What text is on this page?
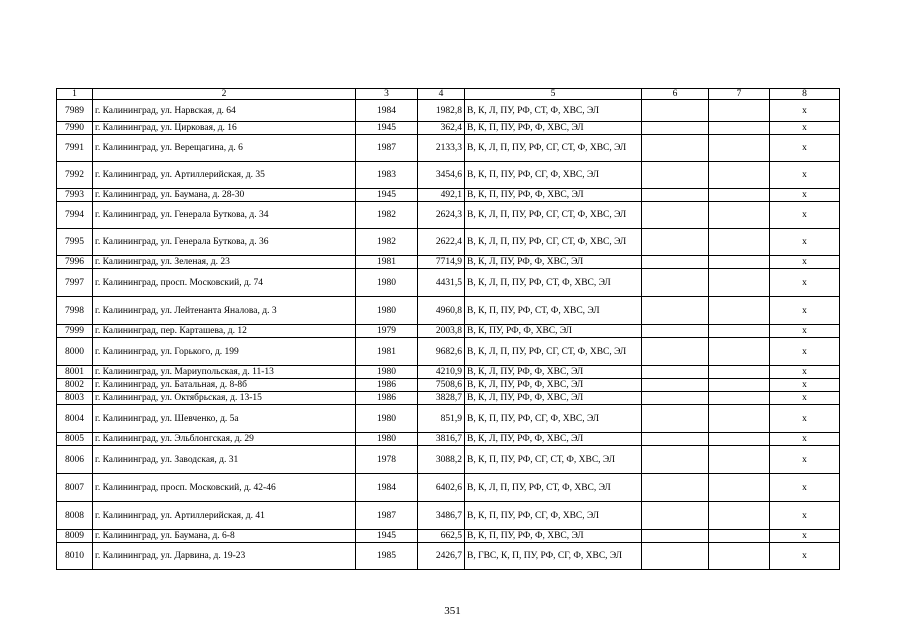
1	2	3	4	5	6	7	8
7989	г. Калининград, ул. Нарвская, д. 64	1984	1982,8	В, К, Л, ПУ, РФ, СТ, Ф, ХВС, ЭЛ			x
7990	г. Калининград, ул. Цирковая, д. 16	1945	362,4	В, К, П, ПУ, РФ, Ф, ХВС, ЭЛ			x
7991	г. Калининград, ул. Верещагина, д. 6	1987	2133,3	В, К, Л, П, ПУ, РФ, СГ, СТ, Ф, ХВС, ЭЛ			x
7992	г. Калининград, ул. Артиллерийская, д. 35	1983	3454,6	В, К, П, ПУ, РФ, СГ, Ф, ХВС, ЭЛ			x
7993	г. Калининград, ул. Баумана, д. 28-30	1945	492,1	В, К, П, ПУ, РФ, Ф, ХВС, ЭЛ			x
7994	г. Калининград, ул. Генерала Буткова, д. 34	1982	2624,3	В, К, Л, П, ПУ, РФ, СГ, СТ, Ф, ХВС, ЭЛ			x
7995	г. Калининград, ул. Генерала Буткова, д. 36	1982	2622,4	В, К, Л, П, ПУ, РФ, СГ, СТ, Ф, ХВС, ЭЛ			x
7996	г. Калининград, ул. Зеленая, д. 23	1981	7714,9	В, К, Л, ПУ, РФ, Ф, ХВС, ЭЛ			x
7997	г. Калининград, просп. Московский, д. 74	1980	4431,5	В, К, Л, П, ПУ, РФ, СТ, Ф, ХВС, ЭЛ			x
7998	г. Калининград, ул. Лейтенанта Яналова, д. 3	1980	4960,8	В, К, П, ПУ, РФ, СТ, Ф, ХВС, ЭЛ			x
7999	г. Калининград, пер. Карташева, д. 12	1979	2003,8	В, К, ПУ, РФ, Ф, ХВС, ЭЛ			x
8000	г. Калининград, ул. Горького, д. 199	1981	9682,6	В, К, Л, П, ПУ, РФ, СГ, СТ, Ф, ХВС, ЭЛ			x
8001	г. Калининград, ул. Мариупольская, д. 11-13	1980	4210,9	В, К, Л, ПУ, РФ, Ф, ХВС, ЭЛ			x
8002	г. Калининград, ул. Батальная, д. 8-8б	1986	7508,6	В, К, Л, ПУ, РФ, Ф, ХВС, ЭЛ			x
8003	г. Калининград, ул. Октябрьская, д. 13-15	1986	3828,7	В, К, Л, ПУ, РФ, Ф, ХВС, ЭЛ			x
8004	г. Калининград, ул. Шевченко, д. 5а	1980	851,9	В, К, П, ПУ, РФ, СГ, Ф, ХВС, ЭЛ			x
8005	г. Калининград, ул. Эльблонгская, д. 29	1980	3816,7	В, К, Л, ПУ, РФ, Ф, ХВС, ЭЛ			x
8006	г. Калининград, ул. Заводская, д. 31	1978	3088,2	В, К, П, ПУ, РФ, СГ, СТ, Ф, ХВС, ЭЛ			x
8007	г. Калининград, просп. Московский, д. 42-46	1984	6402,6	В, К, Л, П, ПУ, РФ, СТ, Ф, ХВС, ЭЛ			x
8008	г. Калининград, ул. Артиллерийская, д. 41	1987	3486,7	В, К, П, ПУ, РФ, СГ, Ф, ХВС, ЭЛ			x
8009	г. Калининград, ул. Баумана, д. 6-8	1945	662,5	В, К, П, ПУ, РФ, Ф, ХВС, ЭЛ			x
8010	г. Калининград, ул. Дарвина, д. 19-23	1985	2426,7	В, ГВС, К, П, ПУ, РФ, СГ, Ф, ХВС, ЭЛ			x
351
